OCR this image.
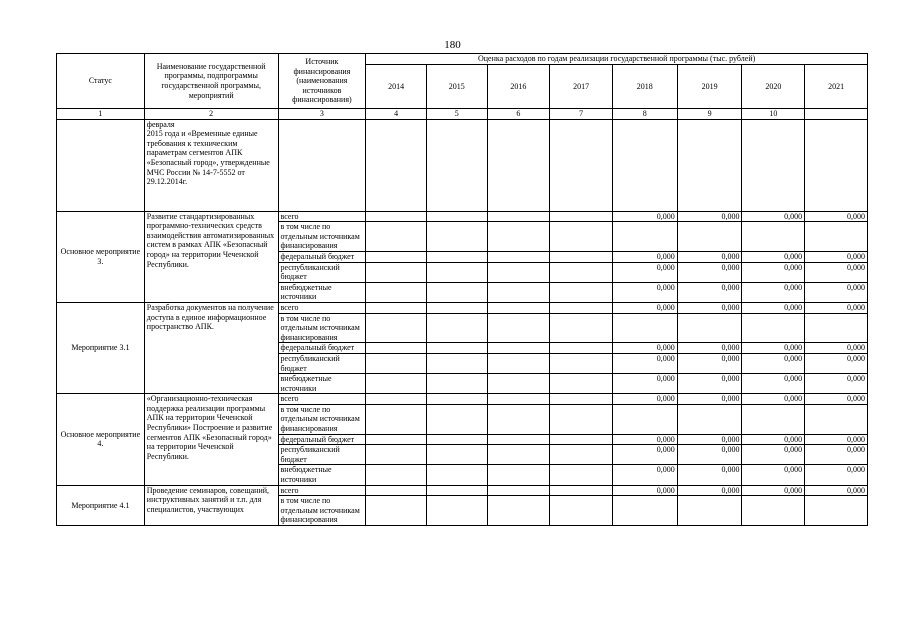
180
Статус	Наименование государственной программы, подпрограммы государственной программы, мероприятий	Источник финансирования (наименования источников финансирования)	Оценка расходов по годам реализации государственной программы (тыс. рублей)							
			2014	2015	2016	2017	2018	2019	2020	2021
1	2	3	4	5	6	7	8	9	10	
	февраля
2015 года и «Временные единые требования к техническим параметрам сегментов АПК «Безопасный город», утвержденные МЧС России № 14-7-5552 от 29.12.2014г.									
Основное мероприятие 3.	Развитие стандартизированных программно-технических средств взаимодействия автоматизированных систем в рамках АПК «Безопасный город» на территории Чеченской Республики.	всего					0,000	0,000	0,000	0,000
		в том числе по отдельным источникам финансирования								
		федеральный бюджет					0,000	0,000	0,000	0,000
		республиканский бюджет					0,000	0,000	0,000	0,000
		внебюджетные источники					0,000	0,000	0,000	0,000
Мероприятие 3.1	Разработка документов на получение доступа в единое информационное пространство АПК.	всего					0,000	0,000	0,000	0,000
		в том числе по отдельным источникам финансирования								
		федеральный бюджет					0,000	0,000	0,000	0,000
		республиканский бюджет					0,000	0,000	0,000	0,000
		внебюджетные источники					0,000	0,000	0,000	0,000
Основное мероприятие 4.	«Организационно-техническая поддержка реализации программы АПК на территории Чеченской Республики» Построение и развитие сегментов АПК «Безопасный город» на территории Чеченской Республики.	всего					0,000	0,000	0,000	0,000
		в том числе по отдельным источникам финансирования								
		федеральный бюджет					0,000	0,000	0,000	0,000
		республиканский бюджет					0,000	0,000	0,000	0,000
		внебюджетные источники					0,000	0,000	0,000	0,000
Мероприятие 4.1	Проведение семинаров, совещаний, инструктивных занятий и т.п. для специалистов, участвующих	всего					0,000	0,000	0,000	0,000
		в том числе по отдельным источникам финансирования								
